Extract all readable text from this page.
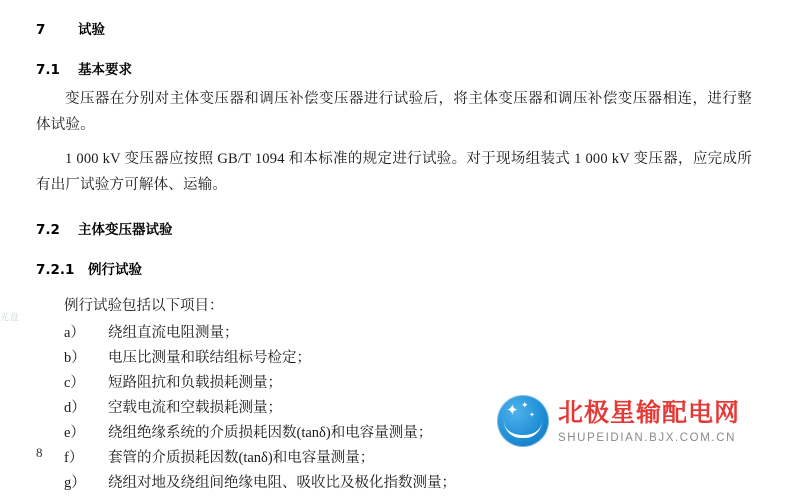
7	试验
7.1	基本要求

变压器在分别对主体变压器和调压补偿变压器进行试验后，将主体变压器和调压补偿变压器相连，进行整体试验。

1 000 kV 变压器应按照 GB/T 1094 和本标准的规定进行试验。对于现场组装式 1 000 kV 变压器，应完成所有出厂试验方可解体、运输。

7.2	主体变压器试验
7.2.1	例行试验
例行试验包括以下项目：
a）	绕组直流电阻测量；
b）	电压比测量和联结组标号检定；
c）	短路阻抗和负载损耗测量；
d）	空载电流和空载损耗测量；
e）	绕组绝缘系统的介质损耗因数(tanδ)和电容量测量；
f）	套管的介质损耗因数(tanδ)和电容量测量；
g）	绕组对地及绕组间绝缘电阻、吸收比及极化指数测量；
光盘
8
✦ ✦
✦ 北极星输配电网
SHUPEIDIAN.BJX.COM.CN
